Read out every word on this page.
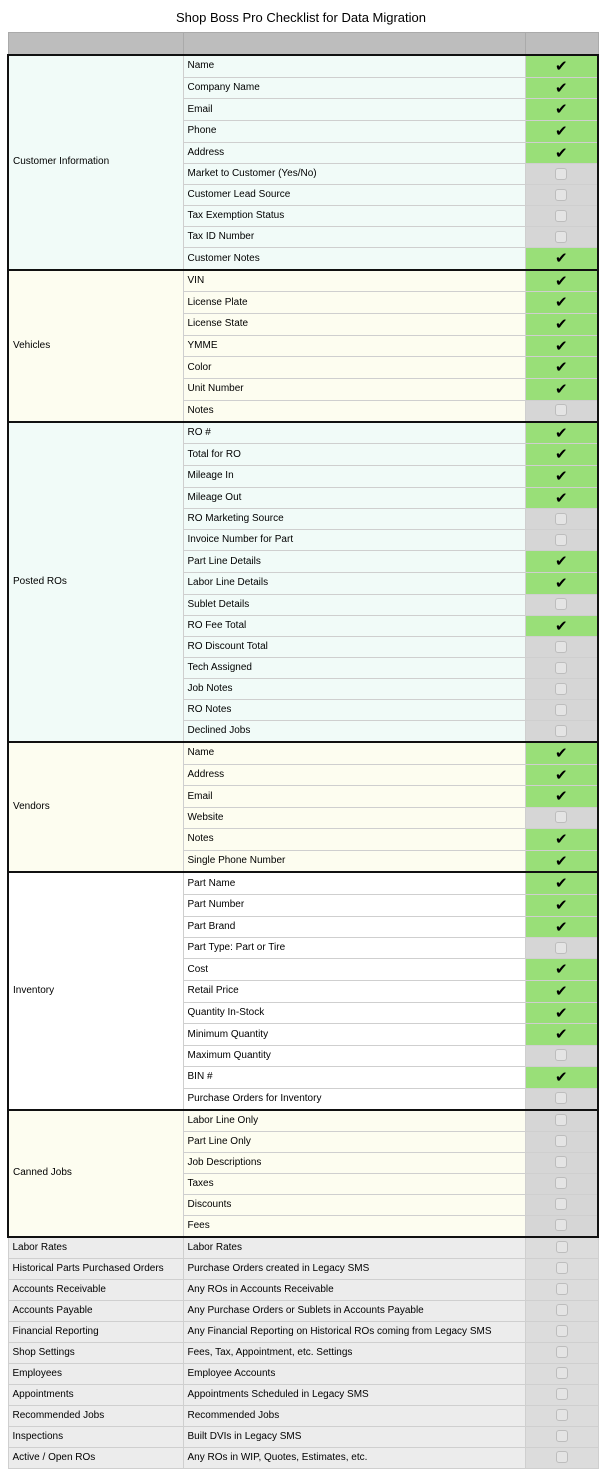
Shop Boss Pro Checklist for Data Migration

Customer Information	Name	✔
	Company Name	✔
	Email	✔
	Phone	✔
	Address	✔
	Market to Customer (Yes/No)	
	Customer Lead Source	
	Tax Exemption Status	
	Tax ID Number	
	Customer Notes	✔
Vehicles	VIN	✔
	License Plate	✔
	License State	✔
	YMME	✔
	Color	✔
	Unit Number	✔
	Notes	
Posted ROs	RO #	✔
	Total for RO	✔
	Mileage In	✔
	Mileage Out	✔
	RO Marketing Source	
	Invoice Number for Part	
	Part Line Details	✔
	Labor Line Details	✔
	Sublet Details	
	RO Fee Total	✔
	RO Discount Total	
	Tech Assigned	
	Job Notes	
	RO Notes	
	Declined Jobs	
Vendors	Name	✔
	Address	✔
	Email	✔
	Website	
	Notes	✔
	Single Phone Number	✔
Inventory	Part Name	✔
	Part Number	✔
	Part Brand	✔
	Part Type: Part or Tire	
	Cost	✔
	Retail Price	✔
	Quantity In-Stock	✔
	Minimum Quantity	✔
	Maximum Quantity	
	BIN #	✔
	Purchase Orders for Inventory	
Canned Jobs	Labor Line Only	
	Part Line Only	
	Job Descriptions	
	Taxes	
	Discounts	
	Fees	
Labor Rates	Labor Rates	
Historical Parts Purchased Orders	Purchase Orders created in Legacy SMS	
Accounts Receivable	Any ROs in Accounts Receivable	
Accounts Payable	Any Purchase Orders or Sublets in Accounts Payable	
Financial Reporting	Any Financial Reporting on Historical ROs coming from Legacy SMS	
Shop Settings	Fees, Tax, Appointment, etc. Settings	
Employees	Employee Accounts	
Appointments	Appointments Scheduled in Legacy SMS	
Recommended Jobs	Recommended Jobs	
Inspections	Built DVIs in Legacy SMS	
Active / Open ROs	Any ROs in WIP, Quotes, Estimates, etc.	
